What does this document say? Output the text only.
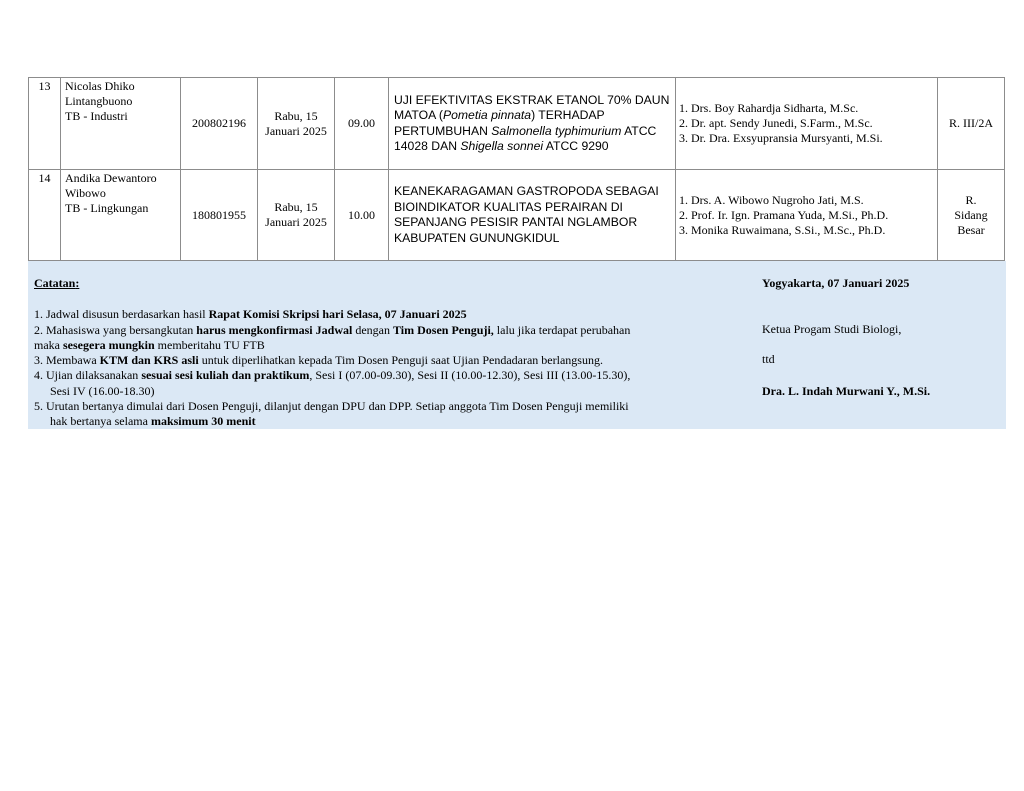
13	Nicolas Dhiko
Lintangbuono
TB - Industri	200802196	Rabu, 15
Januari 2025	09.00	UJI EFEKTIVITAS EKSTRAK ETANOL 70% DAUN MATOA (Pometia pinnata) TERHADAP PERTUMBUHAN Salmonella typhimurium ATCC 14028 DAN Shigella sonnei ATCC 9290	1. Drs. Boy Rahardja Sidharta, M.Sc.
2. Dr. apt. Sendy Junedi, S.Farm., M.Sc.
3. Dr. Dra. Exsyupransia Mursyanti, M.Si.	R. III/2A

14	Andika Dewantoro
Wibowo
TB - Lingkungan	180801955	Rabu, 15
Januari 2025	10.00	KEANEKARAGAMAN GASTROPODA SEBAGAI BIOINDIKATOR KUALITAS PERAIRAN DI SEPANJANG PESISIR PANTAI NGLAMBOR KABUPATEN GUNUNGKIDUL	1. Drs. A. Wibowo Nugroho Jati, M.S.
2. Prof. Ir. Ign. Pramana Yuda, M.Si., Ph.D.
3. Monika Ruwaimana, S.Si., M.Sc., Ph.D.	R.
Sidang
Besar
Catatan:
1. Jadwal disusun berdasarkan hasil Rapat Komisi Skripsi hari Selasa, 07 Januari 2025
2. Mahasiswa yang bersangkutan harus mengkonfirmasi Jadwal dengan Tim Dosen Penguji, lalu jika terdapat perubahan
maka sesegera mungkin memberitahu TU FTB
3. Membawa KTM dan KRS asli untuk diperlihatkan kepada Tim Dosen Penguji saat Ujian Pendadaran berlangsung.
4. Ujian dilaksanakan sesuai sesi kuliah dan praktikum, Sesi I (07.00-09.30), Sesi II (10.00-12.30), Sesi III (13.00-15.30),
Sesi IV (16.00-18.30)
5. Urutan bertanya dimulai dari Dosen Penguji, dilanjut dengan DPU dan DPP. Setiap anggota Tim Dosen Penguji memiliki
hak bertanya selama maksimum 30 menit
Yogyakarta, 07 Januari 2025
Ketua Progam Studi Biologi,
ttd
Dra. L. Indah Murwani Y., M.Si.
